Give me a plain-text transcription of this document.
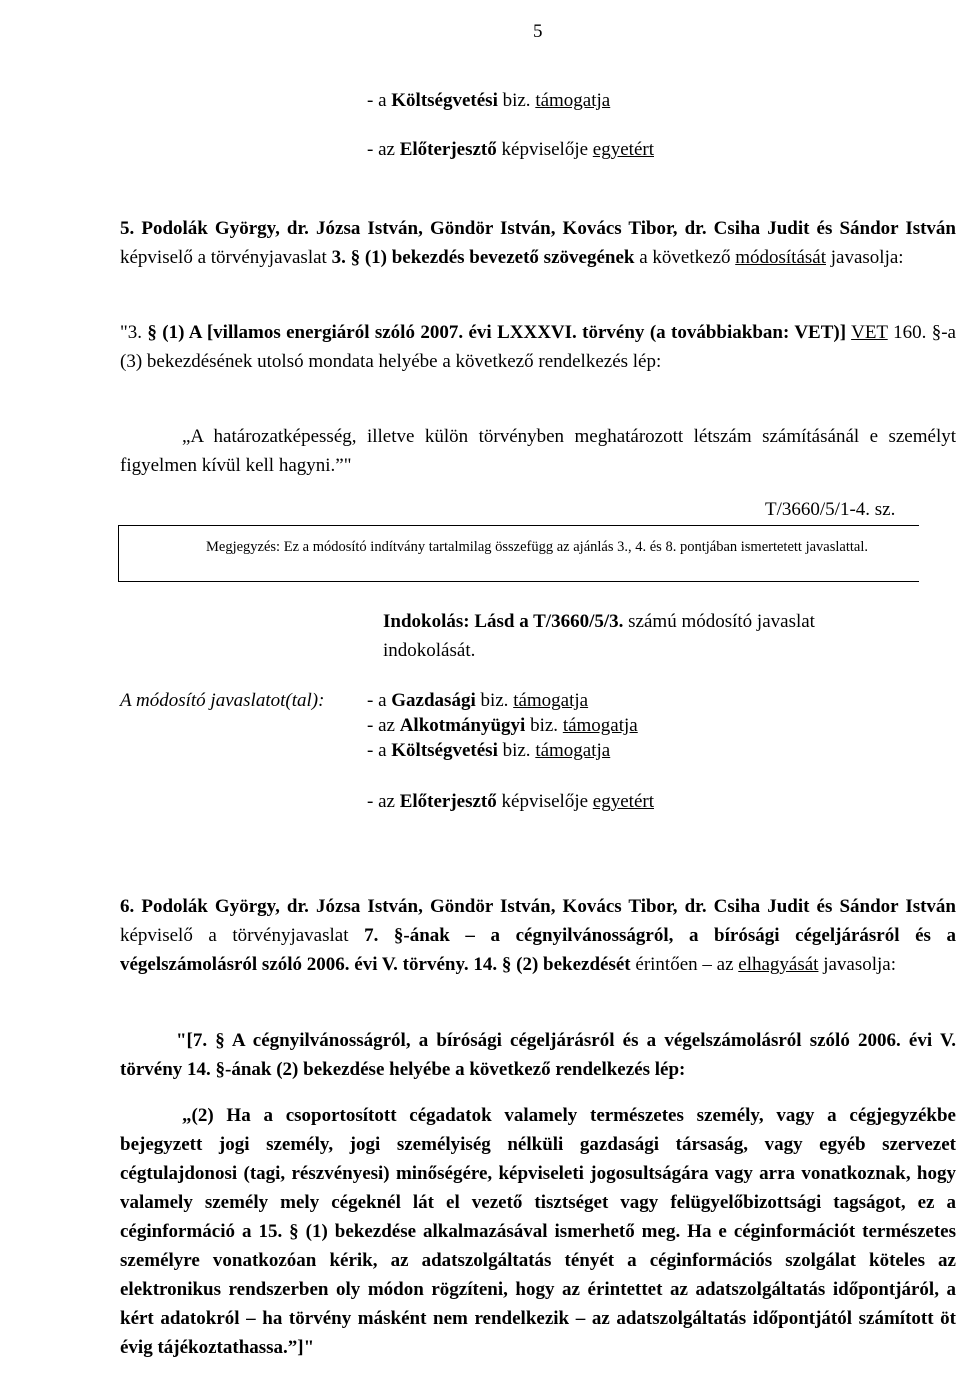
5
- a Költségvetési biz. támogatja
- az Előterjesztő képviselője egyetért
5. Podolák György, dr. Józsa István, Göndör István, Kovács Tibor, dr. Csiha Judit és Sándor István képviselő a törvényjavaslat 3. § (1) bekezdés bevezető szövegének a következő módosítását javasolja:
"3. § (1) A [villamos energiáról szóló 2007. évi LXXXVI. törvény (a továbbiakban: VET)] VET 160. §-a (3) bekezdésének utolsó mondata helyébe a következő rendelkezés lép:
„A határozatképesség, illetve külön törvényben meghatározott létszám számításánál e személyt figyelmen kívül kell hagyni.”"
T/3660/5/1-4. sz.
Megjegyzés: Ez a módosító indítvány tartalmilag összefügg az ajánlás 3., 4. és 8. pontjában ismertetett javaslattal.
Indokolás: Lásd a T/3660/5/3. számú módosító javaslat
indokolását.
A módosító javaslatot(tal): - a Gazdasági biz. támogatja
- az Alkotmányügyi biz. támogatja
- a Költségvetési biz. támogatja
- az Előterjesztő képviselője egyetért
6. Podolák György, dr. Józsa István, Göndör István, Kovács Tibor, dr. Csiha Judit és Sándor István képviselő a törvényjavaslat 7. §-ának – a cégnyilvánosságról, a bírósági cégeljárásról és a végelszámolásról szóló 2006. évi V. törvény. 14. § (2) bekezdését érintően – az elhagyását javasolja:
"[7. § A cégnyilvánosságról, a bírósági cégeljárásról és a végelszámolásról szóló 2006. évi V. törvény 14. §-ának (2) bekezdése helyébe a következő rendelkezés lép:
„(2) Ha a csoportosított cégadatok valamely természetes személy, vagy a cégjegyzékbe bejegyzett jogi személy, jogi személyiség nélküli gazdasági társaság, vagy egyéb szervezet cégtulajdonosi (tagi, részvényesi) minőségére, képviseleti jogosultságára vagy arra vonatkoznak, hogy valamely személy mely cégeknél lát el vezető tisztséget vagy felügyelőbizottsági tagságot, ez a céginformáció a 15. § (1) bekezdése alkalmazásával ismerhető meg. Ha e céginformációt természetes személyre vonatkozóan kérik, az adatszolgáltatás tényét a céginformációs szolgálat köteles az elektronikus rendszerben oly módon rögzíteni, hogy az érintettet az adatszolgáltatás időpontjáról, a kért adatokról – ha törvény másként nem rendelkezik – az adatszolgáltatás időpontjától számított öt évig tájékoztathassa.”]"
